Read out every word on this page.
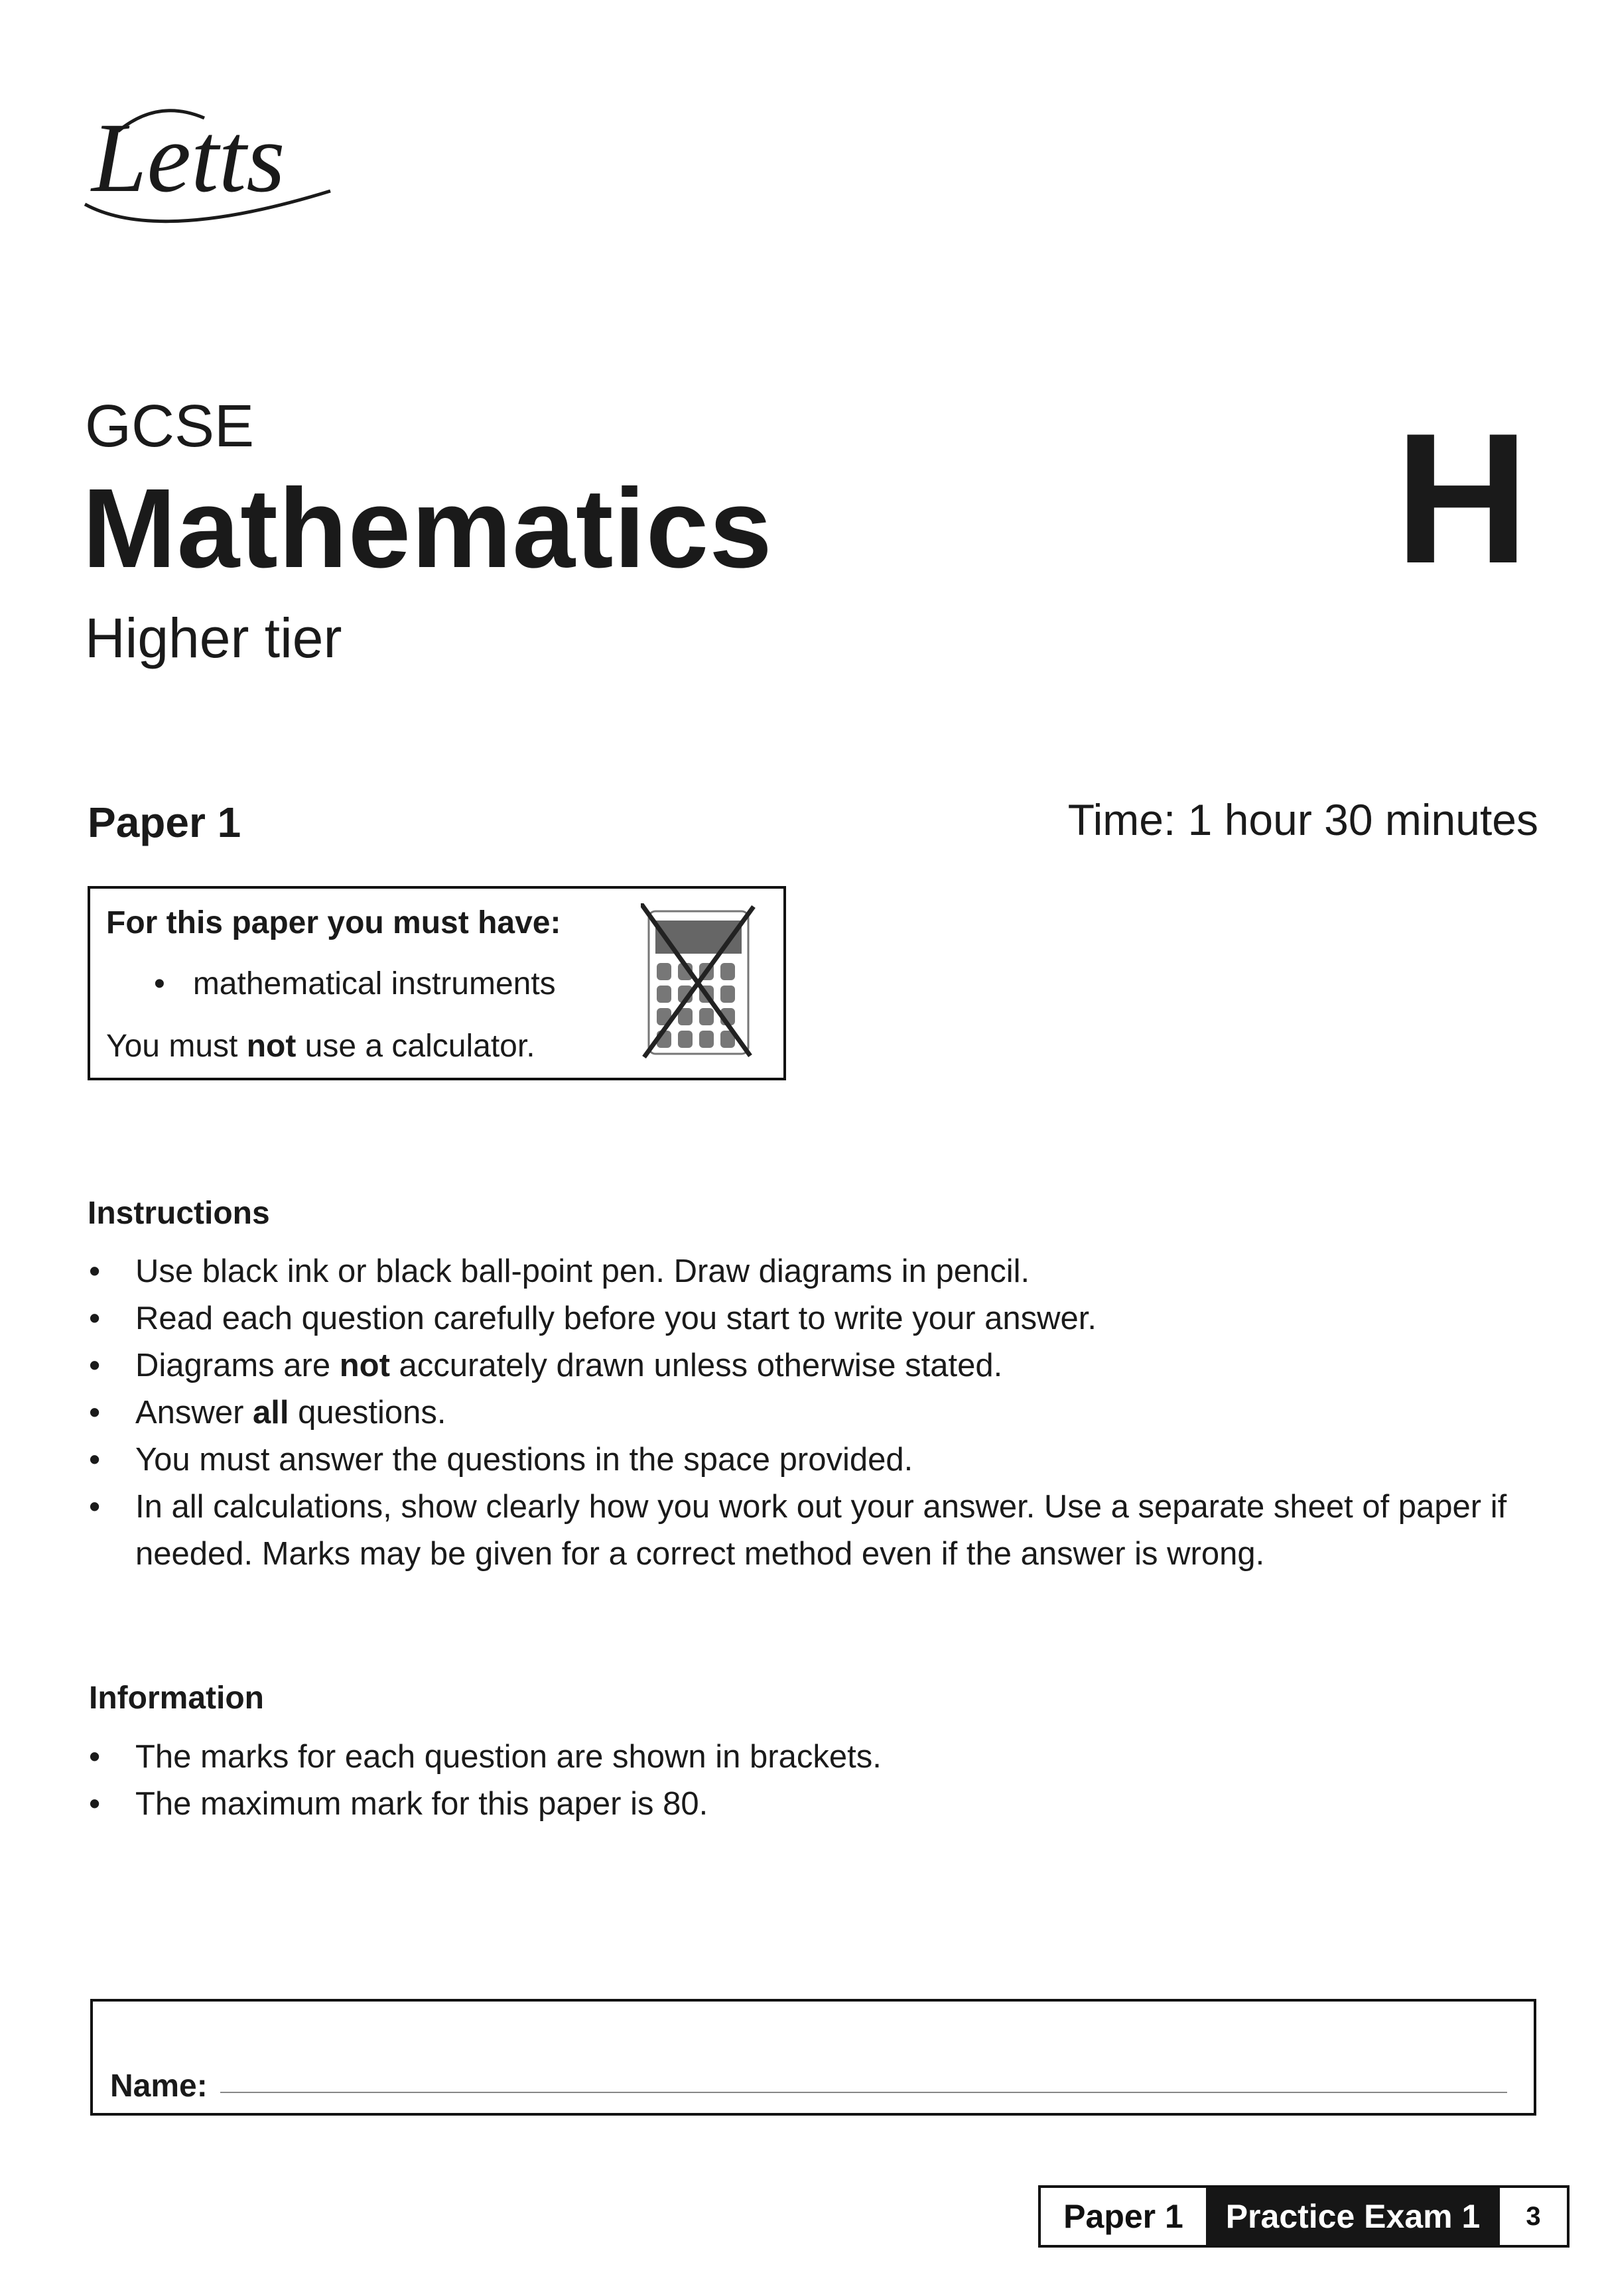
Letts
GCSE
Mathematics
Higher tier
H
Paper 1	Time: 1 hour 30 minutes
For this paper you must have:
• mathematical instruments
You must not use a calculator.
Instructions
• Use black ink or black ball-point pen. Draw diagrams in pencil.
• Read each question carefully before you start to write your answer.
• Diagrams are not accurately drawn unless otherwise stated.
• Answer all questions.
• You must answer the questions in the space provided.
• In all calculations, show clearly how you work out your answer. Use a separate sheet of paper if needed. Marks may be given for a correct method even if the answer is wrong.
Information
• The marks for each question are shown in brackets.
• The maximum mark for this paper is 80.
Name:
Paper 1	Practice Exam 1	3
